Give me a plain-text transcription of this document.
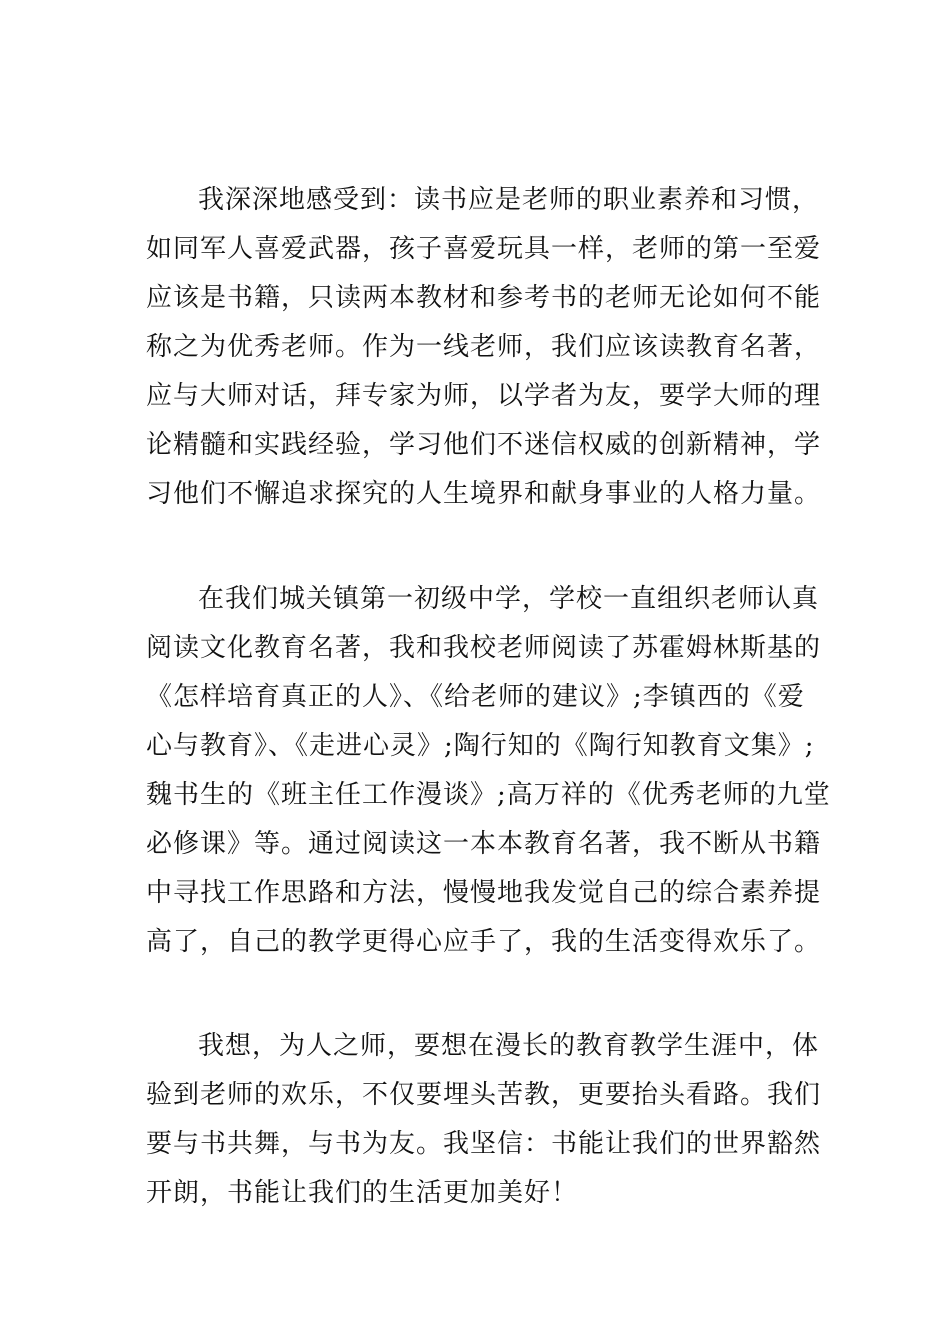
我深深地感受到：读书应是老师的职业素养和习惯，
如同军人喜爱武器，孩子喜爱玩具一样，老师的第一至爱
应该是书籍，只读两本教材和参考书的老师无论如何不能
称之为优秀老师。作为一线老师，我们应该读教育名著，
应与大师对话，拜专家为师，以学者为友，要学大师的理
论精髓和实践经验，学习他们不迷信权威的创新精神，学
习他们不懈追求探究的人生境界和献身事业的人格力量。
在我们城关镇第一初级中学，学校一直组织老师认真
阅读文化教育名著，我和我校老师阅读了苏霍姆林斯基的
《怎样培育真正的人》、《给老师的建议》;李镇西的《爱
心与教育》、《走进心灵》;陶行知的《陶行知教育文集》;
魏书生的《班主任工作漫谈》;高万祥的《优秀老师的九堂
必修课》等。通过阅读这一本本教育名著，我不断从书籍
中寻找工作思路和方法，慢慢地我发觉自己的综合素养提
高了，自己的教学更得心应手了，我的生活变得欢乐了。
我想，为人之师，要想在漫长的教育教学生涯中，体
验到老师的欢乐，不仅要埋头苦教，更要抬头看路。我们
要与书共舞，与书为友。我坚信：书能让我们的世界豁然
开朗，书能让我们的生活更加美好！
